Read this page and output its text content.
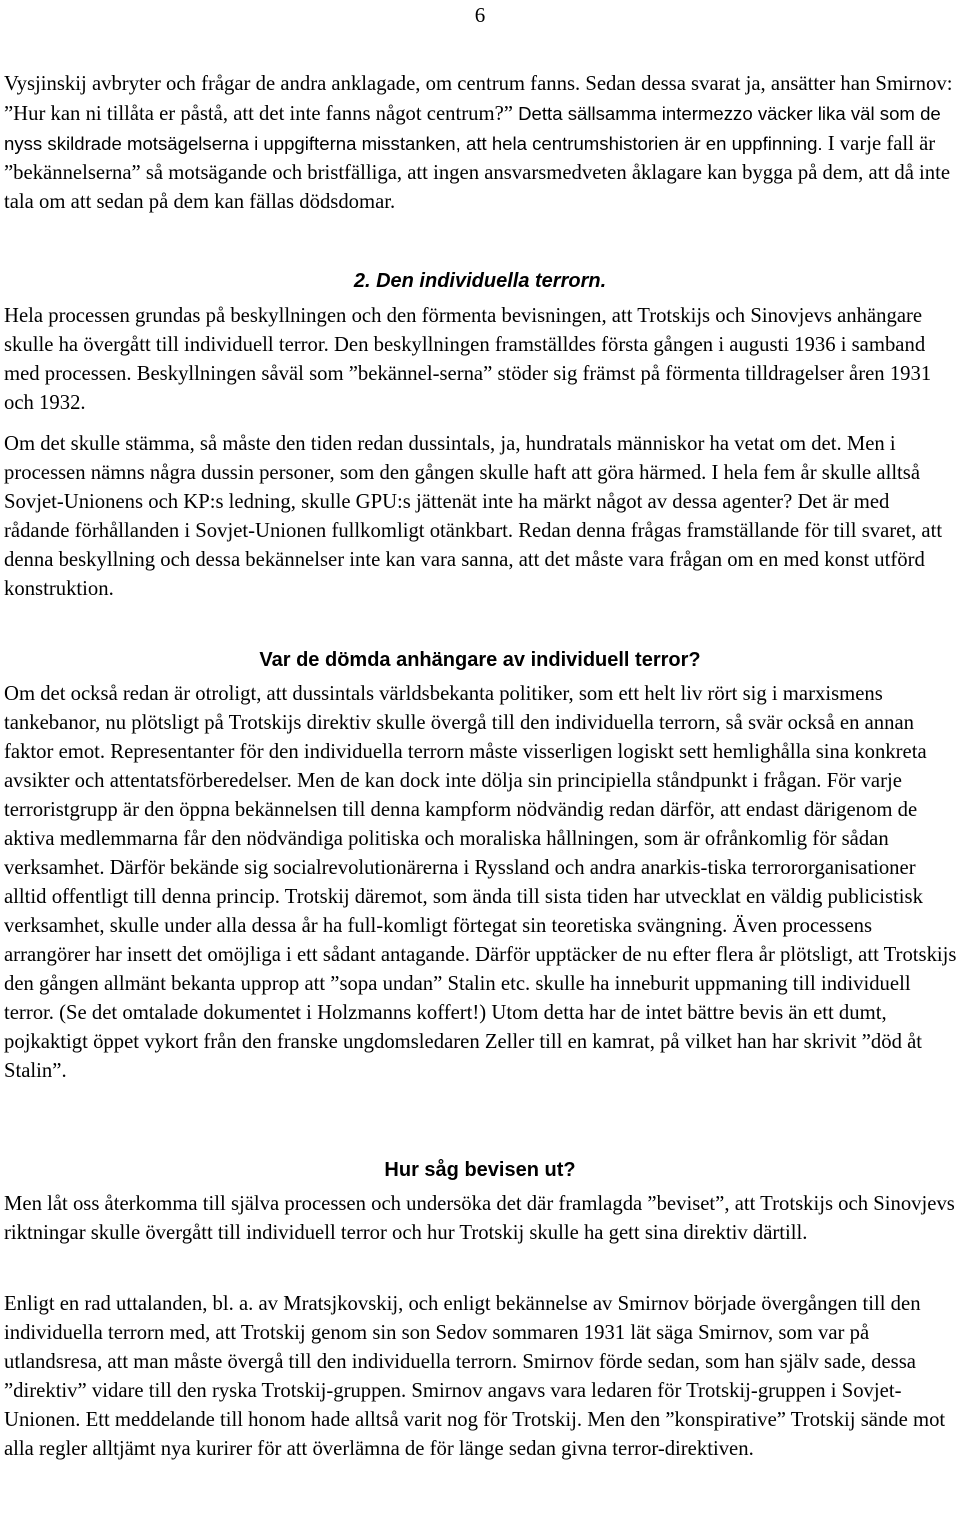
6

Vysjinskij avbryter och frågar de andra anklagade, om centrum fanns. Sedan dessa svarat ja, ansätter han Smirnov: ”Hur kan ni tillåta er påstå, att det inte fanns något centrum?” Detta sällsamma intermezzo väcker lika väl som de nyss skildrade motsägelserna i uppgifterna misstanken, att hela centrumshistorien är en uppfinning. I varje fall är ”bekännelserna” så motsägande och bristfälliga, att ingen ansvarsmedveten åklagare kan bygga på dem, att då inte tala om att sedan på dem kan fällas dödsdomar.

2. Den individuella terrorn.

Hela processen grundas på beskyllningen och den förmenta bevisningen, att Trotskijs och Sinovjevs anhängare skulle ha övergått till individuell terror. Den beskyllningen framställdes första gången i augusti 1936 i samband med processen. Beskyllningen såväl som ”bekännel-serna” stöder sig främst på förmenta tilldragelser åren 1931 och 1932.

Om det skulle stämma, så måste den tiden redan dussintals, ja, hundratals människor ha vetat om det. Men i processen nämns några dussin personer, som den gången skulle haft att göra härmed. I hela fem år skulle alltså Sovjet-Unionens och KP:s ledning, skulle GPU:s jättenät inte ha märkt något av dessa agenter? Det är med rådande förhållanden i Sovjet-Unionen fullkomligt otänkbart. Redan denna frågas framställande för till svaret, att denna beskyllning och dessa bekännelser inte kan vara sanna, att det måste vara frågan om en med konst utförd konstruktion.

Var de dömda anhängare av individuell terror?

Om det också redan är otroligt, att dussintals världsbekanta politiker, som ett helt liv rört sig i marxismens tankebanor, nu plötsligt på Trotskijs direktiv skulle övergå till den individuella terrorn, så svär också en annan faktor emot. Representanter för den individuella terrorn måste visserligen logiskt sett hemlighålla sina konkreta avsikter och attentatsförberedelser. Men de kan dock inte dölja sin principiella ståndpunkt i frågan. För varje terroristgrupp är den öppna bekännelsen till denna kampform nödvändig redan därför, att endast därigenom de aktiva medlemmarna får den nödvändiga politiska och moraliska hållningen, som är ofrånkomlig för sådan verksamhet. Därför bekände sig socialrevolutionärerna i Ryssland och andra anarkis-tiska terrororganisationer alltid offentligt till denna princip. Trotskij däremot, som ända till sista tiden har utvecklat en väldig publicistisk verksamhet, skulle under alla dessa år ha full-komligt förtegat sin teoretiska svängning. Även processens arrangörer har insett det omöjliga i ett sådant antagande. Därför upptäcker de nu efter flera år plötsligt, att Trotskijs den gången allmänt bekanta upprop att ”sopa undan” Stalin etc. skulle ha inneburit uppmaning till individuell terror. (Se det omtalade dokumentet i Holzmanns koffert!) Utom detta har de intet bättre bevis än ett dumt, pojkaktigt öppet vykort från den franske ungdomsledaren Zeller till en kamrat, på vilket han har skrivit ”död åt Stalin”.

Hur såg bevisen ut?

Men låt oss återkomma till själva processen och undersöka det där framlagda ”beviset”, att Trotskijs och Sinovjevs riktningar skulle övergått till individuell terror och hur Trotskij skulle ha gett sina direktiv därtill.

Enligt en rad uttalanden, bl. a. av Mratsjkovskij, och enligt bekännelse av Smirnov började övergången till den individuella terrorn med, att Trotskij genom sin son Sedov sommaren 1931 lät säga Smirnov, som var på utlandsresa, att man måste övergå till den individuella terrorn. Smirnov förde sedan, som han själv sade, dessa ”direktiv” vidare till den ryska Trotskij-gruppen. Smirnov angavs vara ledaren för Trotskij-gruppen i Sovjet-Unionen. Ett meddelande till honom hade alltså varit nog för Trotskij. Men den ”konspirative” Trotskij sände mot alla regler alltjämt nya kurirer för att överlämna de för länge sedan givna terror-direktiven.
